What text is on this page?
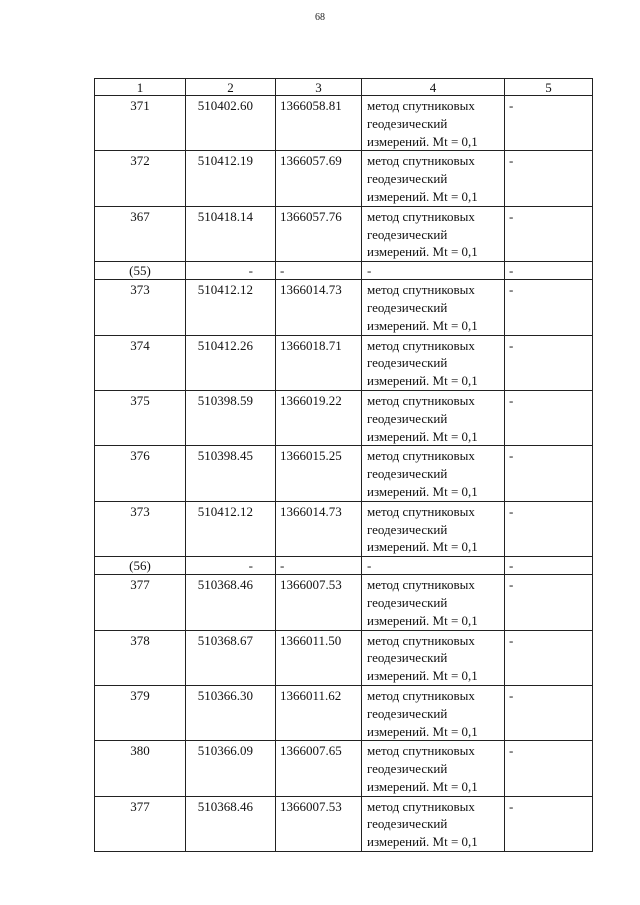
68
1	2	3	4	5
371	510402.60	1366058.81	метод спутниковых
геодезический
измерений. Mt = 0,1	-
372	510412.19	1366057.69	метод спутниковых
геодезический
измерений. Mt = 0,1	-
367	510418.14	1366057.76	метод спутниковых
геодезический
измерений. Mt = 0,1	-
(55)	-	-	-	-
373	510412.12	1366014.73	метод спутниковых
геодезический
измерений. Mt = 0,1	-
374	510412.26	1366018.71	метод спутниковых
геодезический
измерений. Mt = 0,1	-
375	510398.59	1366019.22	метод спутниковых
геодезический
измерений. Mt = 0,1	-
376	510398.45	1366015.25	метод спутниковых
геодезический
измерений. Mt = 0,1	-
373	510412.12	1366014.73	метод спутниковых
геодезический
измерений. Mt = 0,1	-
(56)	-	-	-	-
377	510368.46	1366007.53	метод спутниковых
геодезический
измерений. Mt = 0,1	-
378	510368.67	1366011.50	метод спутниковых
геодезический
измерений. Mt = 0,1	-
379	510366.30	1366011.62	метод спутниковых
геодезический
измерений. Mt = 0,1	-
380	510366.09	1366007.65	метод спутниковых
геодезический
измерений. Mt = 0,1	-
377	510368.46	1366007.53	метод спутниковых
геодезический
измерений. Mt = 0,1	-
